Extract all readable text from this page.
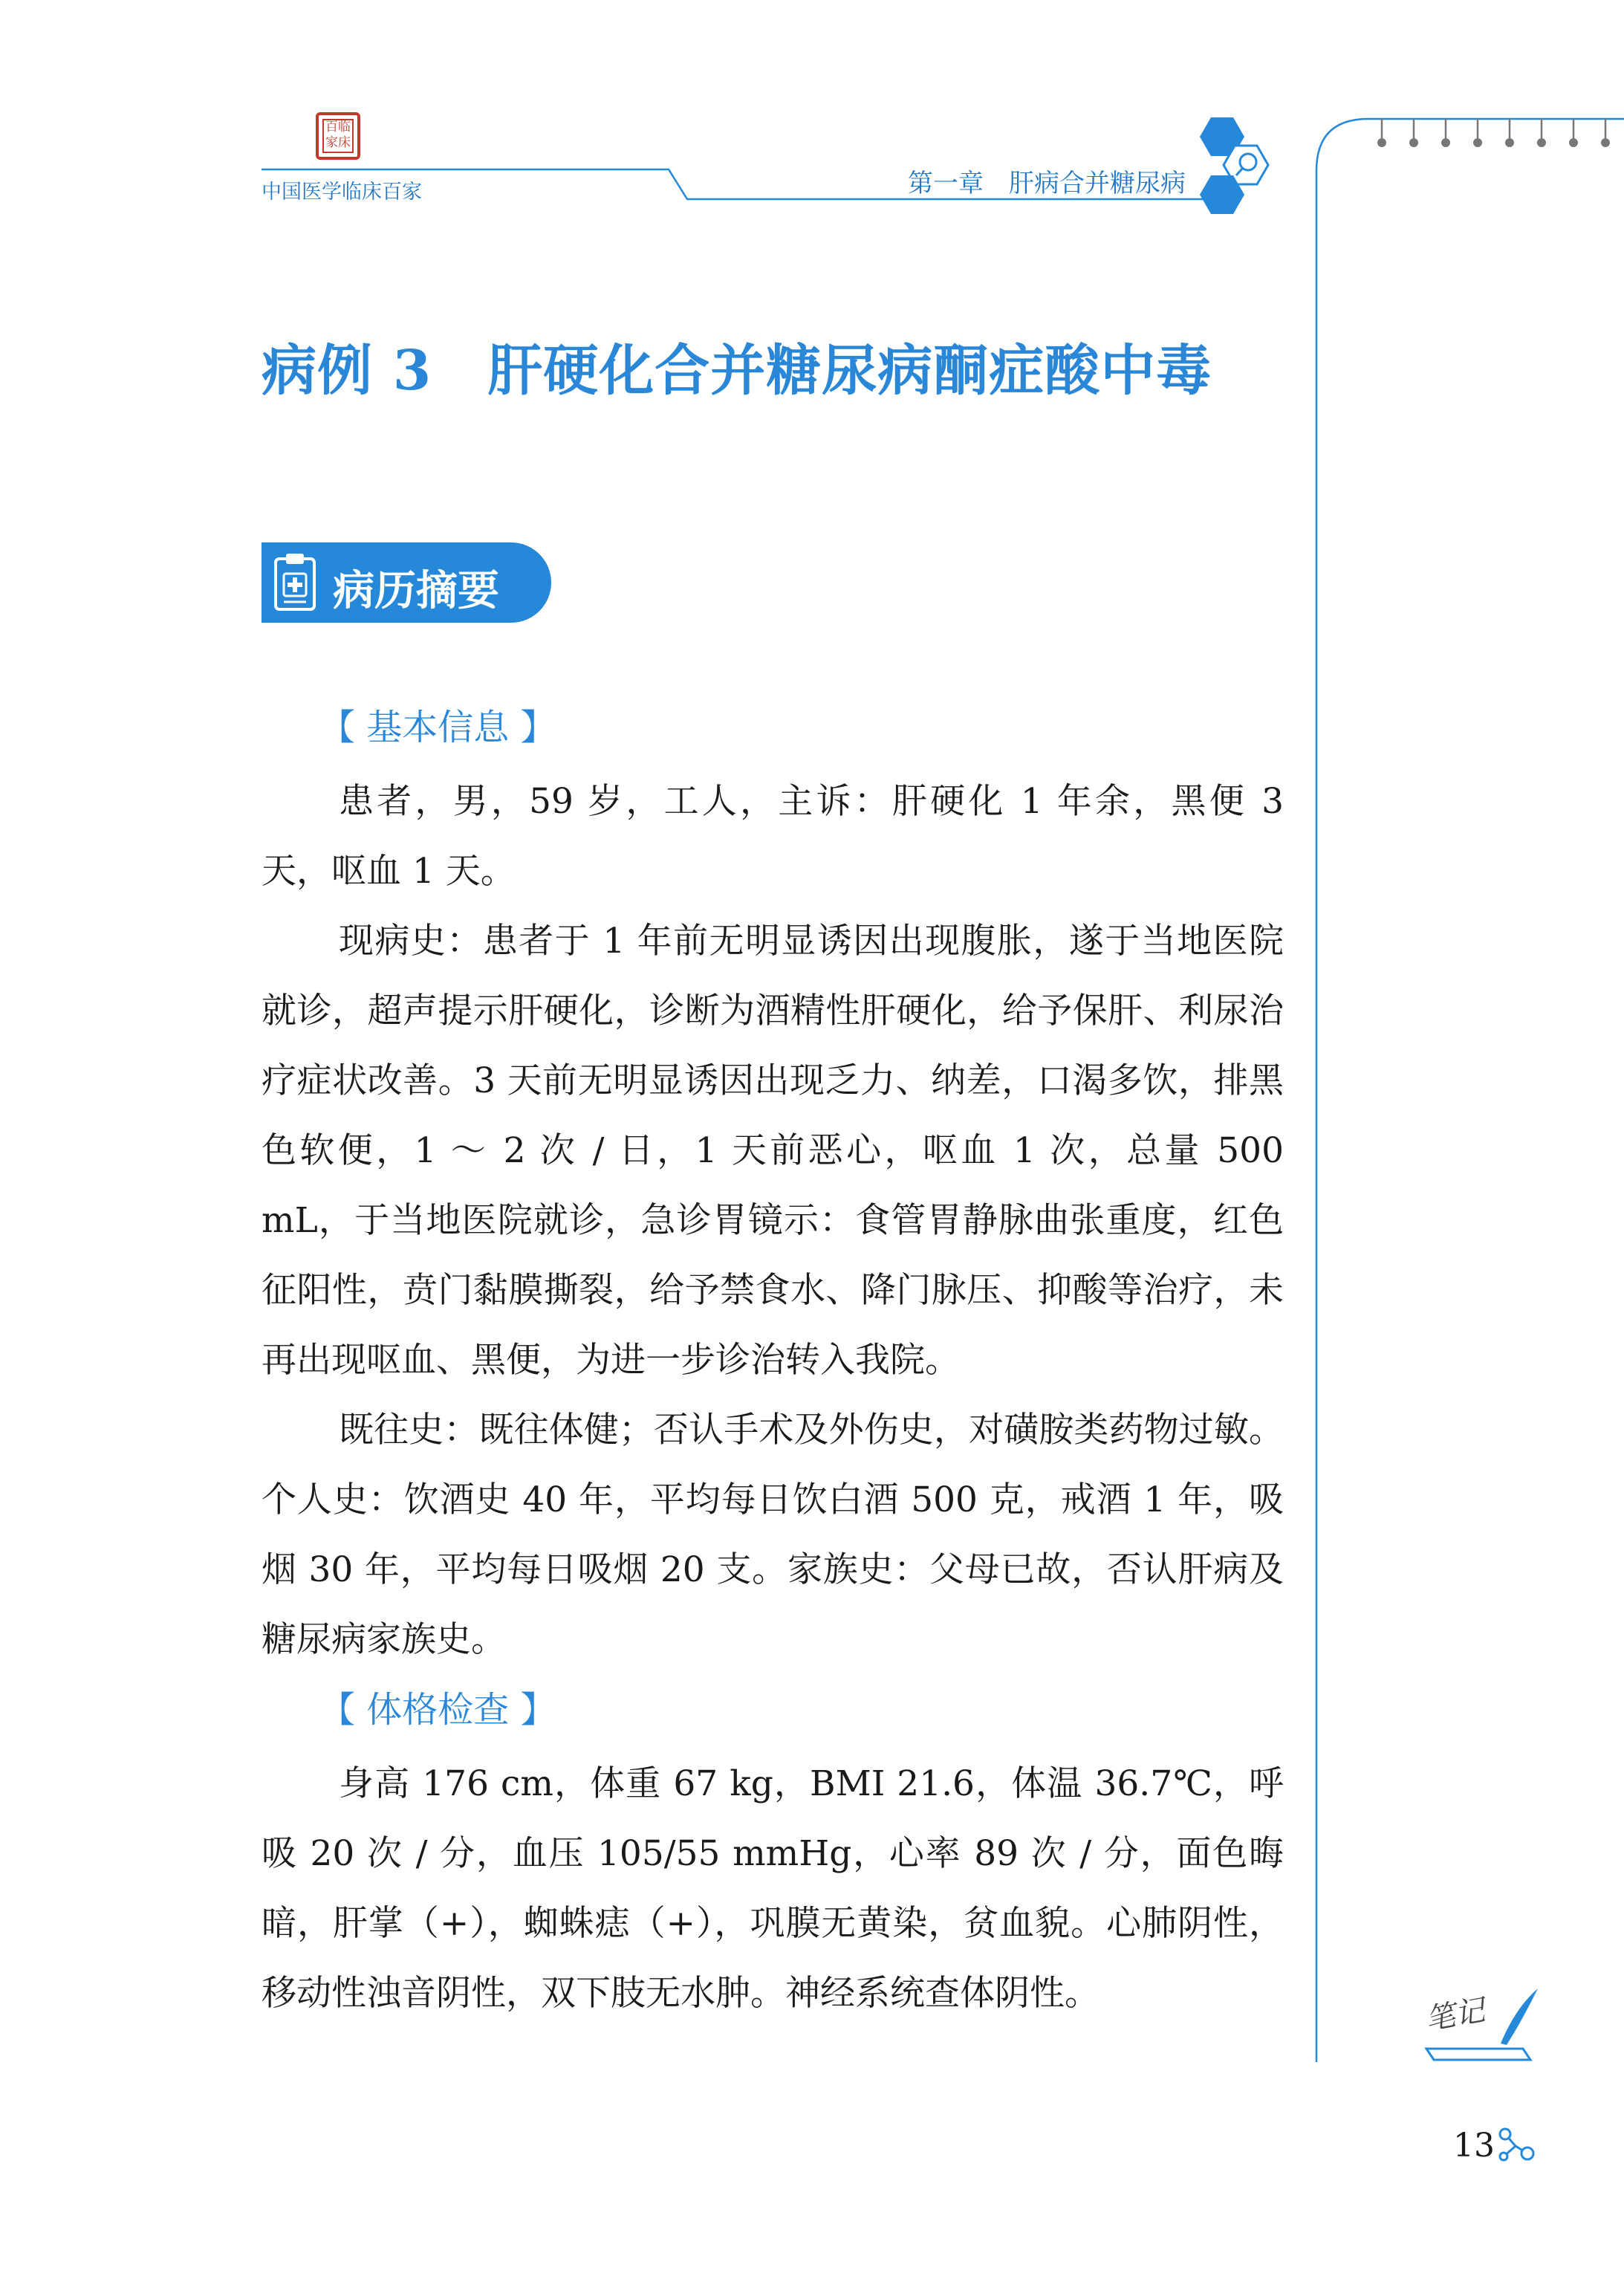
百临家床
中国医学临床百家	第一章　肝病合并糖尿病
病例 3　肝硬化合并糖尿病酮症酸中毒
病历摘要
【 基本信息 】

患者，男，59 岁，工人，主诉：肝硬化 1 年余，黑便 3 天，呕血 1 天。

现病史：患者于 1 年前无明显诱因出现腹胀，遂于当地医院就诊，超声提示肝硬化，诊断为酒精性肝硬化，给予保肝、利尿治疗症状改善。3 天前无明显诱因出现乏力、纳差，口渴多饮，排黑色软便，1 ～ 2 次 / 日，1 天前恶心，呕血 1 次，总量 500 mL，于当地医院就诊，急诊胃镜示：食管胃静脉曲张重度，红色征阳性，贲门黏膜撕裂，给予禁食水、降门脉压、抑酸等治疗，未再出现呕血、黑便，为进一步诊治转入我院。

既往史：既往体健；否认手术及外伤史，对磺胺类药物过敏。个人史：饮酒史 40 年，平均每日饮白酒 500 克，戒酒 1 年，吸烟 30 年，平均每日吸烟 20 支。家族史：父母已故，否认肝病及糖尿病家族史。

【 体格检查 】

身高 176 cm，体重 67 kg，BMI 21.6，体温 36.7℃，呼吸 20 次 / 分，血压 105/55 mmHg，心率 89 次 / 分，面色晦暗，肝掌（+），蜘蛛痣（+），巩膜无黄染，贫血貌。心肺阴性，移动性浊音阴性，双下肢无水肿。神经系统查体阴性。	笔记
13
